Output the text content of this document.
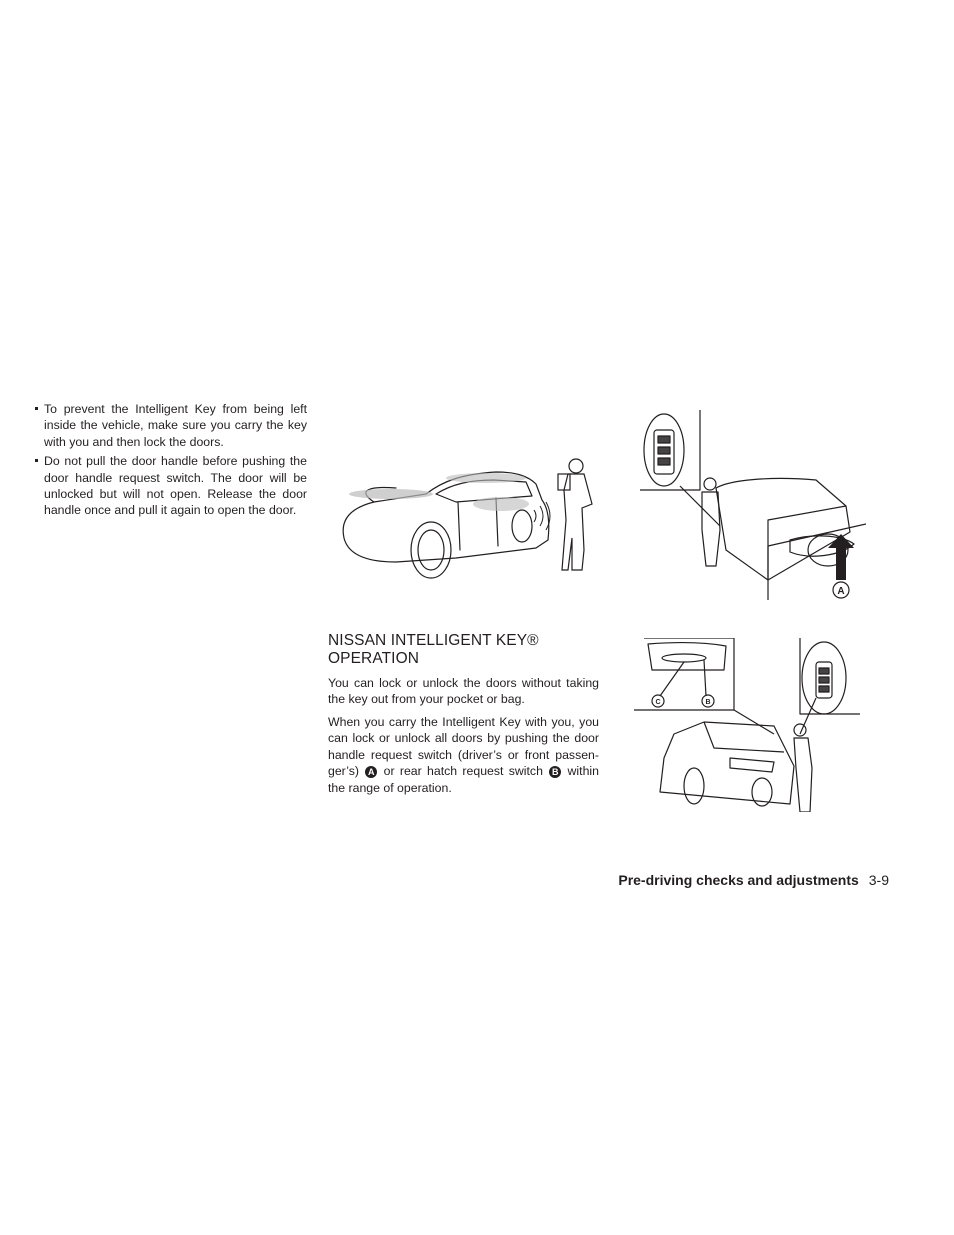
To prevent the Intelligent Key from being left inside the vehicle, make sure you carry the key with you and then lock the doors.
Do not pull the door handle before pushing the door handle request switch. The door will be unlocked but will not open. Release the door handle once and pull it again to open the door.
A
NISSAN INTELLIGENT KEY®
OPERATION

You can lock or unlock the doors without taking the key out from your pocket or bag.

When you carry the Intelligent Key with you, you can lock or unlock all doors by pushing the door handle request switch (driver’s or front passen-ger’s) A or rear hatch request switch B within the range of operation.

C	B
Pre-driving checks and adjustments 3-9
